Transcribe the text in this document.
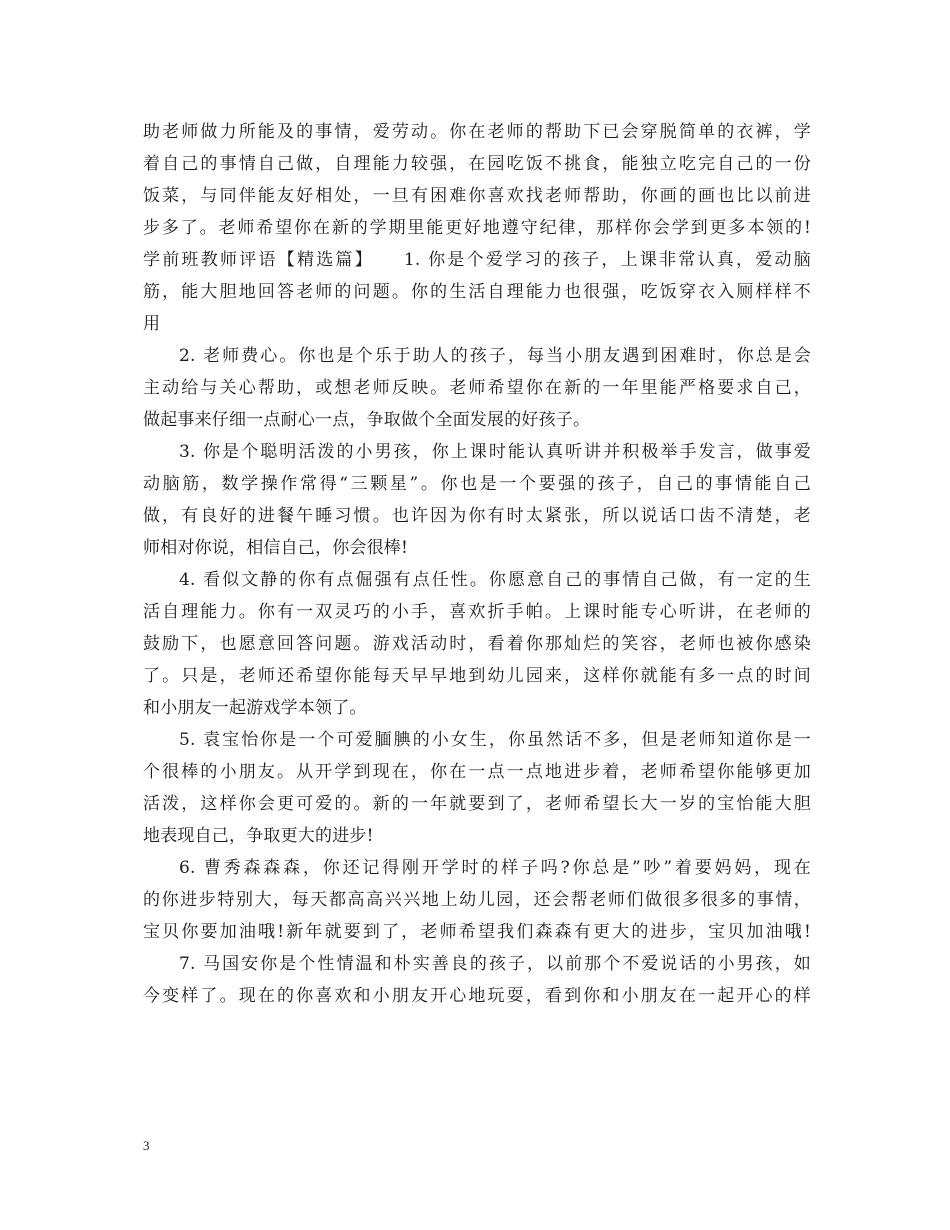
助老师做力所能及的事情，爱劳动。你在老师的帮助下已会穿脱简单的衣裤，学
着自己的事情自己做，自理能力较强，在园吃饭不挑食，能独立吃完自己的一份
饭菜，与同伴能友好相处，一旦有困难你喜欢找老师帮助，你画的画也比以前进
步多了。老师希望你在新的学期里能更好地遵守纪律，那样你会学到更多本领的!
学前班教师评语【精选篇】　　1. 你是个爱学习的孩子，上课非常认真，爱动脑
筋，能大胆地回答老师的问题。你的生活自理能力也很强，吃饭穿衣入厕样样不
用
2. 老师费心。你也是个乐于助人的孩子，每当小朋友遇到困难时，你总是会
主动给与关心帮助，或想老师反映。老师希望你在新的一年里能严格要求自己，
做起事来仔细一点耐心一点，争取做个全面发展的好孩子。
3. 你是个聪明活泼的小男孩，你上课时能认真听讲并积极举手发言，做事爱
动脑筋，数学操作常得“三颗星”。你也是一个要强的孩子，自己的事情能自己
做，有良好的进餐午睡习惯。也许因为你有时太紧张，所以说话口齿不清楚，老
师相对你说，相信自己，你会很棒!
4. 看似文静的你有点倔强有点任性。你愿意自己的事情自己做，有一定的生
活自理能力。你有一双灵巧的小手，喜欢折手帕。上课时能专心听讲，在老师的
鼓励下，也愿意回答问题。游戏活动时，看着你那灿烂的笑容，老师也被你感染
了。只是，老师还希望你能每天早早地到幼儿园来，这样你就能有多一点的时间
和小朋友一起游戏学本领了。
5. 袁宝怡你是一个可爱腼腆的小女生，你虽然话不多，但是老师知道你是一
个很棒的小朋友。从开学到现在，你在一点一点地进步着，老师希望你能够更加
活泼，这样你会更可爱的。新的一年就要到了，老师希望长大一岁的宝怡能大胆
地表现自己，争取更大的进步!
6. 曹秀森森森，你还记得刚开学时的样子吗?你总是”吵”着要妈妈，现在
的你进步特别大，每天都高高兴兴地上幼儿园，还会帮老师们做很多很多的事情，
宝贝你要加油哦!新年就要到了，老师希望我们森森有更大的进步，宝贝加油哦!
7. 马国安你是个性情温和朴实善良的孩子，以前那个不爱说话的小男孩，如
今变样了。现在的你喜欢和小朋友开心地玩耍，看到你和小朋友在一起开心的样
3
